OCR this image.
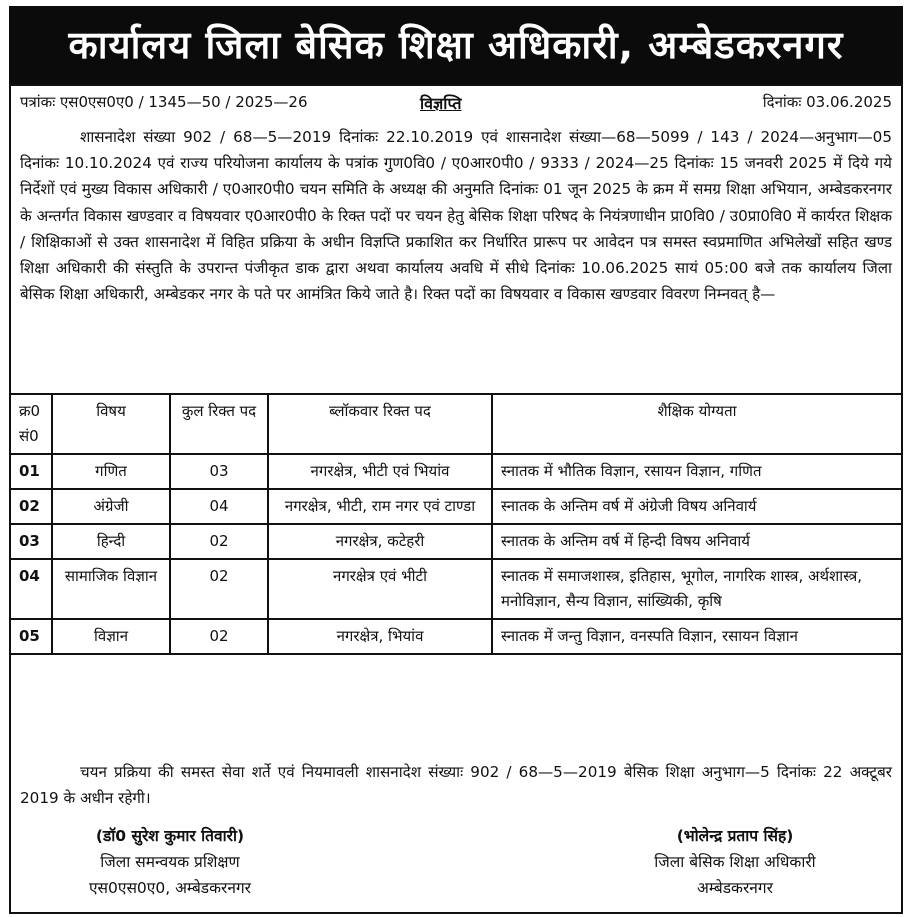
कार्यालय जिला बेसिक शिक्षा अधिकारी, अम्बेडकरनगर
पत्रांकः एस0एस0ए0 / 1345—50 / 2025—26	विज्ञप्ति	दिनांकः 03.06.2025
शासनादेश संख्या 902 / 68—5—2019 दिनांकः 22.10.2019 एवं शासनादेश संख्या—68—5099 / 143 / 2024—अनुभाग—05 दिनांकः 10.10.2024 एवं राज्य परियोजना कार्यालय के पत्रांक गुण0वि0 / ए0आर0पी0 / 9333 / 2024—25 दिनांकः 15 जनवरी 2025 में दिये गये निर्देशों एवं मुख्य विकास अधिकारी / ए0आर0पी0 चयन समिति के अध्यक्ष की अनुमति दिनांकः 01 जून 2025 के क्रम में समग्र शिक्षा अभियान, अम्बेडकरनगर के अन्तर्गत विकास खण्डवार व विषयवार ए0आर0पी0 के रिक्त पदों पर चयन हेतु बेसिक शिक्षा परिषद के नियंत्रणाधीन प्रा0वि0 / उ0प्रा0वि0 में कार्यरत शिक्षक / शिक्षिकाओं से उक्त शासनादेश में विहित प्रक्रिया के अधीन विज्ञप्ति प्रकाशित कर निर्धारित प्रारूप पर आवेदन पत्र समस्त स्वप्रमाणित अभिलेखों सहित खण्ड शिक्षा अधिकारी की संस्तुति के उपरान्त पंजीकृत डाक द्वारा अथवा कार्यालय अवधि में सीधे दिनांकः 10.06.2025 सायं 05:00 बजे तक कार्यालय जिला बेसिक शिक्षा अधिकारी, अम्बेडकर नगर के पते पर आमंत्रित किये जाते है। रिक्त पदों का विषयवार व विकास खण्डवार विवरण निम्नवत् है—
क्र0 सं0	विषय	कुल रिक्त पद	ब्लॉकवार रिक्त पद	शैक्षिक योग्यता
01	गणित	03	नगरक्षेत्र, भीटी एवं भियांव	स्नातक में भौतिक विज्ञान, रसायन विज्ञान, गणित
02	अंग्रेजी	04	नगरक्षेत्र, भीटी, राम नगर एवं टाण्डा	स्नातक के अन्तिम वर्ष में अंग्रेजी विषय अनिवार्य
03	हिन्दी	02	नगरक्षेत्र, कटेहरी	स्नातक के अन्तिम वर्ष में हिन्दी विषय अनिवार्य
04	सामाजिक विज्ञान	02	नगरक्षेत्र एवं भीटी	स्नातक में समाजशास्त्र, इतिहास, भूगोल, नागरिक शास्त्र, अर्थशास्त्र, मनोविज्ञान, सैन्य विज्ञान, सांख्यिकी, कृषि
05	विज्ञान	02	नगरक्षेत्र, भियांव	स्नातक में जन्तु विज्ञान, वनस्पति विज्ञान, रसायन विज्ञान
चयन प्रक्रिया की समस्त सेवा शर्ते एवं नियमावली शासनादेश संख्याः 902 / 68—5—2019 बेसिक शिक्षा अनुभाग—5 दिनांकः 22 अक्टूबर 2019 के अधीन रहेगी।
(डॉ0 सुरेश कुमार तिवारी)
जिला समन्वयक प्रशिक्षण
एस0एस0ए0, अम्बेडकरनगर
(भोलेन्द्र प्रताप सिंह)
जिला बेसिक शिक्षा अधिकारी
अम्बेडकरनगर
